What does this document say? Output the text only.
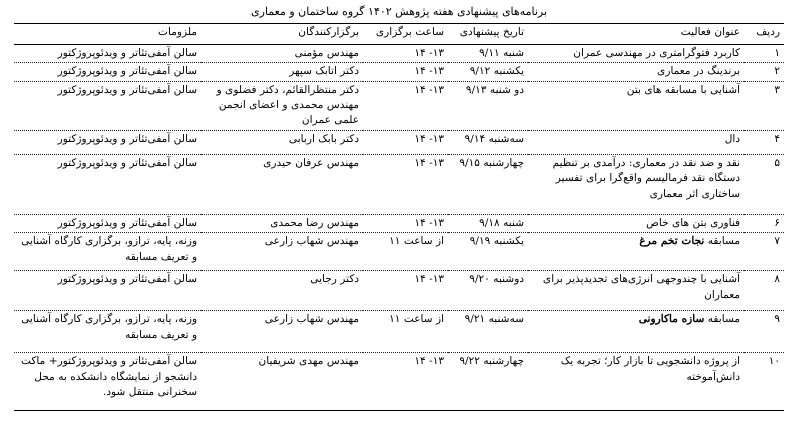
برنامه‌های پیشنهادی هفته پژوهش ۱۴۰۲ گروه ساختمان و معماری					
ردیف	عنوان فعالیت	تاریخ پیشنهادی	ساعت برگزاری	برگزارکنندگان	ملزومات
۱	کاربرد فتوگرامتری در مهندسی عمران	شنبه ۹/۱۱	۱۳- ۱۴	مهندس مؤمنی	سالن آمفی‌تئاتر و ویدئوپروژکتور
۲	برندینگ در معماری	یکشنبه ۹/۱۲	۱۳- ۱۴	دکتر اتابک سپهر	سالن آمفی‌تئاتر و ویدئوپروژکتور
۳	آشنایی با مسابقه های بتن	دو شنبه ۹/۱۳	۱۳- ۱۴	دکتر منتظرالقائم، دکتر فضلوی و مهندس محمدی و اعضای انجمن علمی عمران	سالن آمفی‌تئاتر و ویدئوپروژکتور
۴	دال	سه‌شنبه ۹/۱۴	۱۳- ۱۴	دکتر بابک اربابی	سالن آمفی‌تئاتر و ویدئوپروژکتور
۵	نقد و ضد نقد در معماری: درآمدی بر تنظیم دستگاه نقد فرمالیسم واقع‌گرا برای تفسیر ساختاری اثر معماری	چهارشنبه ۹/۱۵	۱۳- ۱۴	مهندس عرفان حیدری	سالن آمفی‌تئاتر و ویدئوپروژکتور
۶	فناوری بتن های خاص	شنبه ۹/۱۸	۱۳- ۱۴	مهندس رضا محمدی	سالن آمفی‌تئاتر و ویدئوپروژکتور
۷	مسابقه نجات تخم مرغ	یکشنبه ۹/۱۹	از ساعت ۱۱	مهندس شهاب زارعی	وزنه، پایه، ترازو، برگزاری کارگاه آشنایی و تعریف مسابقه
۸	آشنایی با چندوجهی انرژی‌های تجدیدپذیر برای معماران	دوشنبه ۹/۲۰	۱۳- ۱۴	دکتر رجایی	سالن آمفی‌تئاتر و ویدئوپروژکتور
۹	مسابقه سازه ماکارونی	سه‌شنبه ۹/۲۱	از ساعت ۱۱	مهندس شهاب زارعی	وزنه، پایه، ترازو، برگزاری کارگاه آشنایی و تعریف مسابقه
۱۰	از پروژه دانشجویی تا بازار کار؛ تجربه یک دانش‌آموخته	چهارشنبه ۹/۲۲	۱۳- ۱۴	مهندس مهدی شریفیان	سالن آمفی‌تئاتر و ویدئوپروژکتور+ ماکت دانشجو از نمایشگاه دانشکده به محل سخنرانی منتقل شود.
